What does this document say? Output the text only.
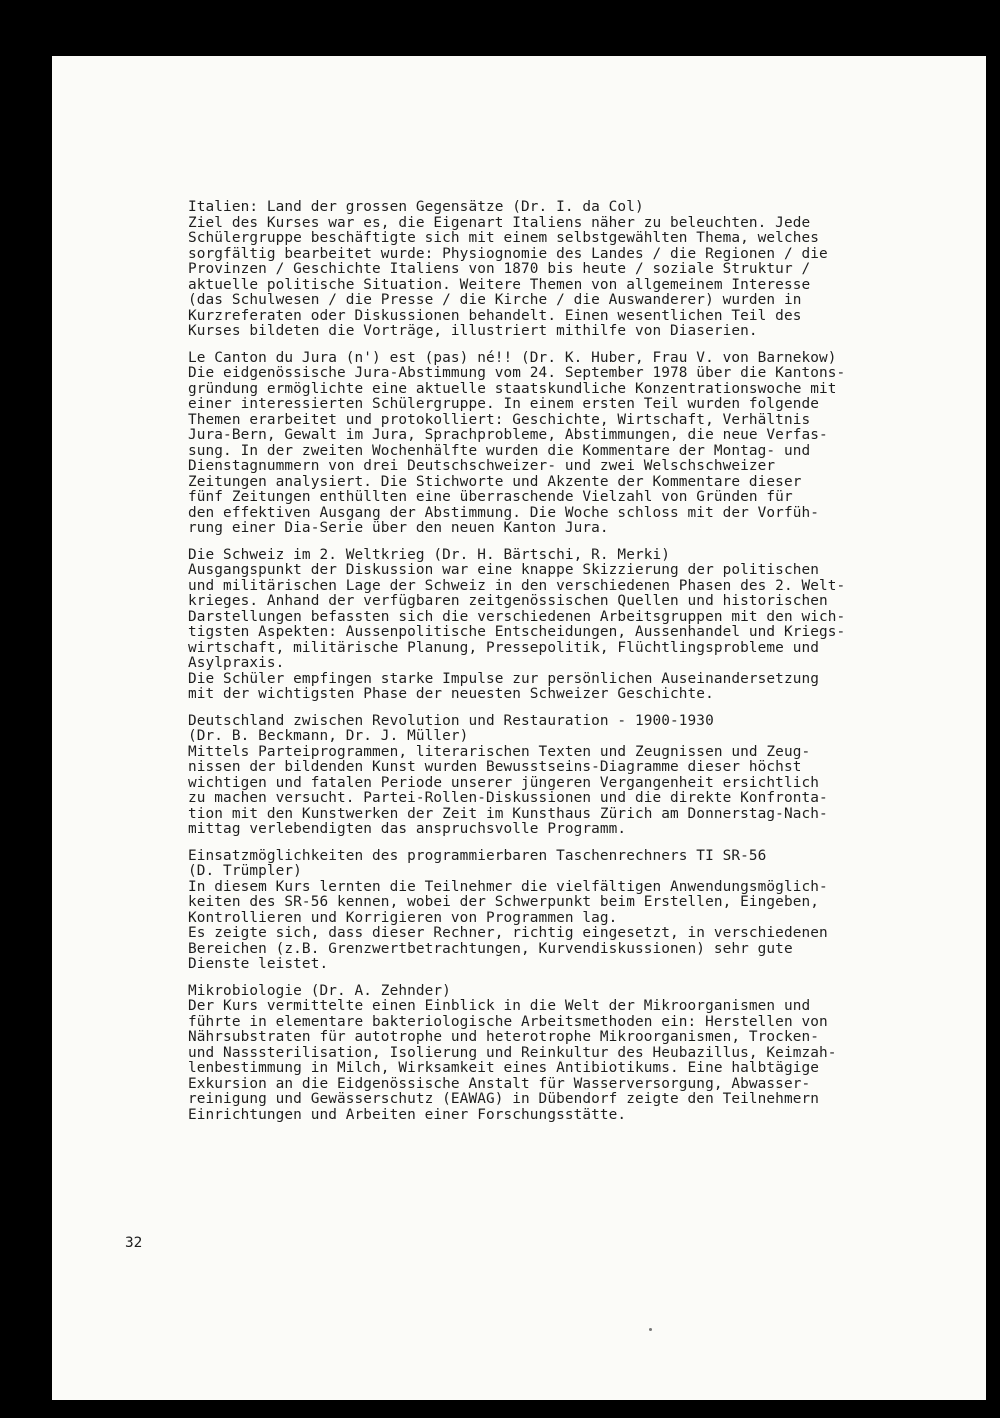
Italien: Land der grossen Gegensätze (Dr. I. da Col)
Ziel des Kurses war es, die Eigenart Italiens näher zu beleuchten. Jede
Schülergruppe beschäftigte sich mit einem selbstgewählten Thema, welches
sorgfältig bearbeitet wurde: Physiognomie des Landes / die Regionen / die
Provinzen / Geschichte Italiens von 1870 bis heute / soziale Struktur /
aktuelle politische Situation. Weitere Themen von allgemeinem Interesse
(das Schulwesen / die Presse / die Kirche / die Auswanderer) wurden in
Kurzreferaten oder Diskussionen behandelt. Einen wesentlichen Teil des
Kurses bildeten die Vorträge, illustriert mithilfe von Diaserien.
Le Canton du Jura (n') est (pas) né!! (Dr. K. Huber, Frau V. von Barnekow)
Die eidgenössische Jura-Abstimmung vom 24. September 1978 über die Kantons-
gründung ermöglichte eine aktuelle staatskundliche Konzentrationswoche mit
einer interessierten Schülergruppe. In einem ersten Teil wurden folgende
Themen erarbeitet und protokolliert: Geschichte, Wirtschaft, Verhältnis
Jura-Bern, Gewalt im Jura, Sprachprobleme, Abstimmungen, die neue Verfas-
sung. In der zweiten Wochenhälfte wurden die Kommentare der Montag- und
Dienstagnummern von drei Deutschschweizer- und zwei Welschschweizer
Zeitungen analysiert. Die Stichworte und Akzente der Kommentare dieser
fünf Zeitungen enthüllten eine überraschende Vielzahl von Gründen für
den effektiven Ausgang der Abstimmung. Die Woche schloss mit der Vorfüh-
rung einer Dia-Serie über den neuen Kanton Jura.
Die Schweiz im 2. Weltkrieg (Dr. H. Bärtschi, R. Merki)
Ausgangspunkt der Diskussion war eine knappe Skizzierung der politischen
und militärischen Lage der Schweiz in den verschiedenen Phasen des 2. Welt-
krieges. Anhand der verfügbaren zeitgenössischen Quellen und historischen
Darstellungen befassten sich die verschiedenen Arbeitsgruppen mit den wich-
tigsten Aspekten: Aussenpolitische Entscheidungen, Aussenhandel und Kriegs-
wirtschaft, militärische Planung, Pressepolitik, Flüchtlingsprobleme und
Asylpraxis.
Die Schüler empfingen starke Impulse zur persönlichen Auseinandersetzung
mit der wichtigsten Phase der neuesten Schweizer Geschichte.
Deutschland zwischen Revolution und Restauration - 1900-1930
(Dr. B. Beckmann, Dr. J. Müller)
Mittels Parteiprogrammen, literarischen Texten und Zeugnissen und Zeug-
nissen der bildenden Kunst wurden Bewusstseins-Diagramme dieser höchst
wichtigen und fatalen Periode unserer jüngeren Vergangenheit ersichtlich
zu machen versucht. Partei-Rollen-Diskussionen und die direkte Konfronta-
tion mit den Kunstwerken der Zeit im Kunsthaus Zürich am Donnerstag-Nach-
mittag verlebendigten das anspruchsvolle Programm.
Einsatzmöglichkeiten des programmierbaren Taschenrechners TI SR-56
(D. Trümpler)
In diesem Kurs lernten die Teilnehmer die vielfältigen Anwendungsmöglich-
keiten des SR-56 kennen, wobei der Schwerpunkt beim Erstellen, Eingeben,
Kontrollieren und Korrigieren von Programmen lag.
Es zeigte sich, dass dieser Rechner, richtig eingesetzt, in verschiedenen
Bereichen (z.B. Grenzwertbetrachtungen, Kurvendiskussionen) sehr gute
Dienste leistet.
Mikrobiologie (Dr. A. Zehnder)
Der Kurs vermittelte einen Einblick in die Welt der Mikroorganismen und
führte in elementare bakteriologische Arbeitsmethoden ein: Herstellen von
Nährsubstraten für autotrophe und heterotrophe Mikroorganismen, Trocken-
und Nasssterilisation, Isolierung und Reinkultur des Heubazillus, Keimzah-
lenbestimmung in Milch, Wirksamkeit eines Antibiotikums. Eine halbtägige
Exkursion an die Eidgenössische Anstalt für Wasserversorgung, Abwasser-
reinigung und Gewässerschutz (EAWAG) in Dübendorf zeigte den Teilnehmern
Einrichtungen und Arbeiten einer Forschungsstätte.
32
